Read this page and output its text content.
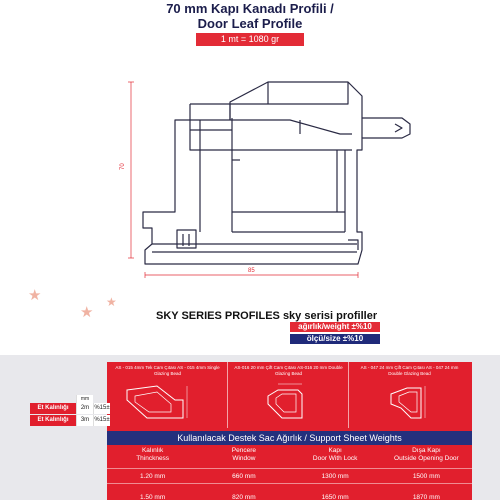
70 mm Kapı Kanadı Profili /
Door Leaf Profile
1 mt = 1080 gr
70
85
★
★
★
SKY SERIES PROFILES sky serisi profiller
ağırlık/weight ±%10
ölçü/size ±%10
AS - 015 4mm Tek Cam Çıtası AS - 015 4mm Single Glazing Bead
AS-016 20 mm Çift Cam Çıtası AS-016 20 mm Double Glazing Bead
AS - 047 24 mm Çift Cam Çıtası AS - 047 24 mm Double Glazing Bead
mm
Et Kalınlığı	2m %15±
Et Kalınlığı	3m %15±
Kullanılacak Destek Sac Ağırlık / Support Sheet Weights
Kalınlık
Thinckness
Pencere
Window
Kapı
Door With Lock
Dışa Kapı
Outside Opening Door
1.20 mm	660 mm	1300 mm	1500 mm
1.50 mm	820 mm	1650 mm	1870 mm
